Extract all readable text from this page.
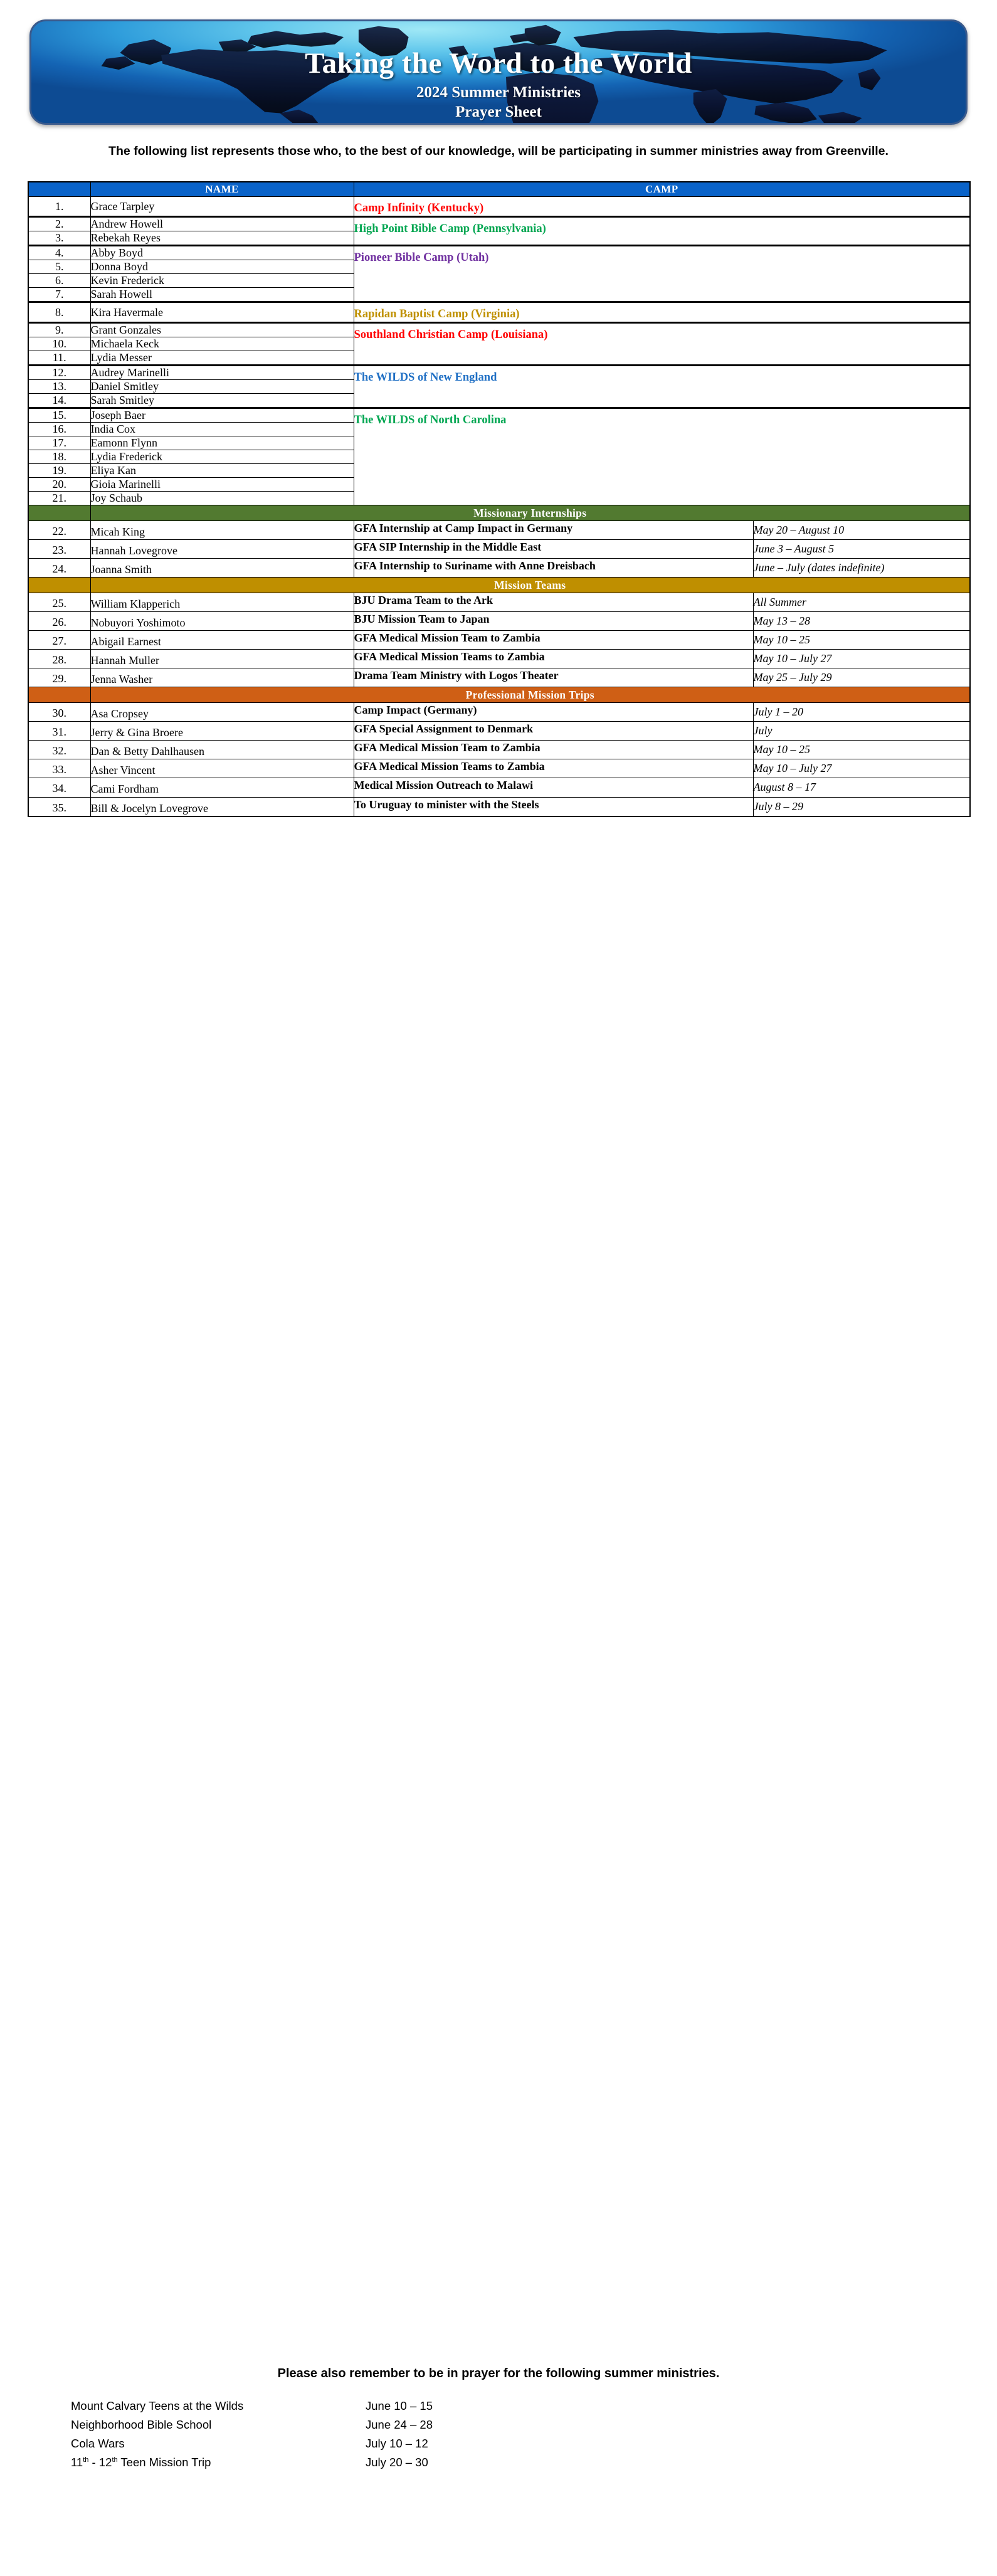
Taking the Word to the World
2024 Summer Ministries
Prayer Sheet
The following list represents those who, to the best of our knowledge, will be participating in summer ministries away from Greenville.
	NAME	CAMP	
1.	Grace Tarpley	Camp Infinity (Kentucky)	
2.	Andrew Howell	High Point Bible Camp (Pennsylvania)	
3.	Rebekah Reyes		
4.	Abby Boyd	Pioneer Bible Camp (Utah)	
5.	Donna Boyd		
6.	Kevin Frederick		
7.	Sarah Howell		
8.	Kira Havermale	Rapidan Baptist Camp (Virginia)	
9.	Grant Gonzales	Southland Christian Camp (Louisiana)	
10.	Michaela Keck		
11.	Lydia Messer		
12.	Audrey Marinelli	The WILDS of New England	
13.	Daniel Smitley		
14.	Sarah Smitley		
15.	Joseph Baer	The WILDS of North Carolina	
16.	India Cox		
17.	Eamonn Flynn		
18.	Lydia Frederick		
19.	Eliya Kan		
20.	Gioia Marinelli		
21.	Joy Schaub		
	Missionary Internships		
22.	Micah King	GFA Internship at Camp Impact in Germany	May 20 – August 10
23.	Hannah Lovegrove	GFA SIP Internship in the Middle East	June 3 – August 5
24.	Joanna Smith	GFA Internship to Suriname with Anne Dreisbach	June – July (dates indefinite)
	Mission Teams		
25.	William Klapperich	BJU Drama Team to the Ark	All Summer
26.	Nobuyori Yoshimoto	BJU Mission Team to Japan	May 13 – 28
27.	Abigail Earnest	GFA Medical Mission Team to Zambia	May 10 – 25
28.	Hannah Muller	GFA Medical Mission Teams to Zambia	May 10 – July 27
29.	Jenna Washer	Drama Team Ministry with Logos Theater	May 25 – July 29
	Professional Mission Trips		
30.	Asa Cropsey	Camp Impact (Germany)	July 1 – 20
31.	Jerry & Gina Broere	GFA Special Assignment to Denmark	July
32.	Dan & Betty Dahlhausen	GFA Medical Mission Team to Zambia	May 10 – 25
33.	Asher Vincent	GFA Medical Mission Teams to Zambia	May 10 – July 27
34.	Cami Fordham	Medical Mission Outreach to Malawi	August 8 – 17
35.	Bill & Jocelyn Lovegrove	To Uruguay to minister with the Steels	July 8 – 29
Please also remember to be in prayer for the following summer ministries.
Mount Calvary Teens at the Wilds	June 10 – 15
Neighborhood Bible School	June 24 – 28
Cola Wars	July 10 – 12
11th - 12th Teen Mission Trip	July 20 – 30
